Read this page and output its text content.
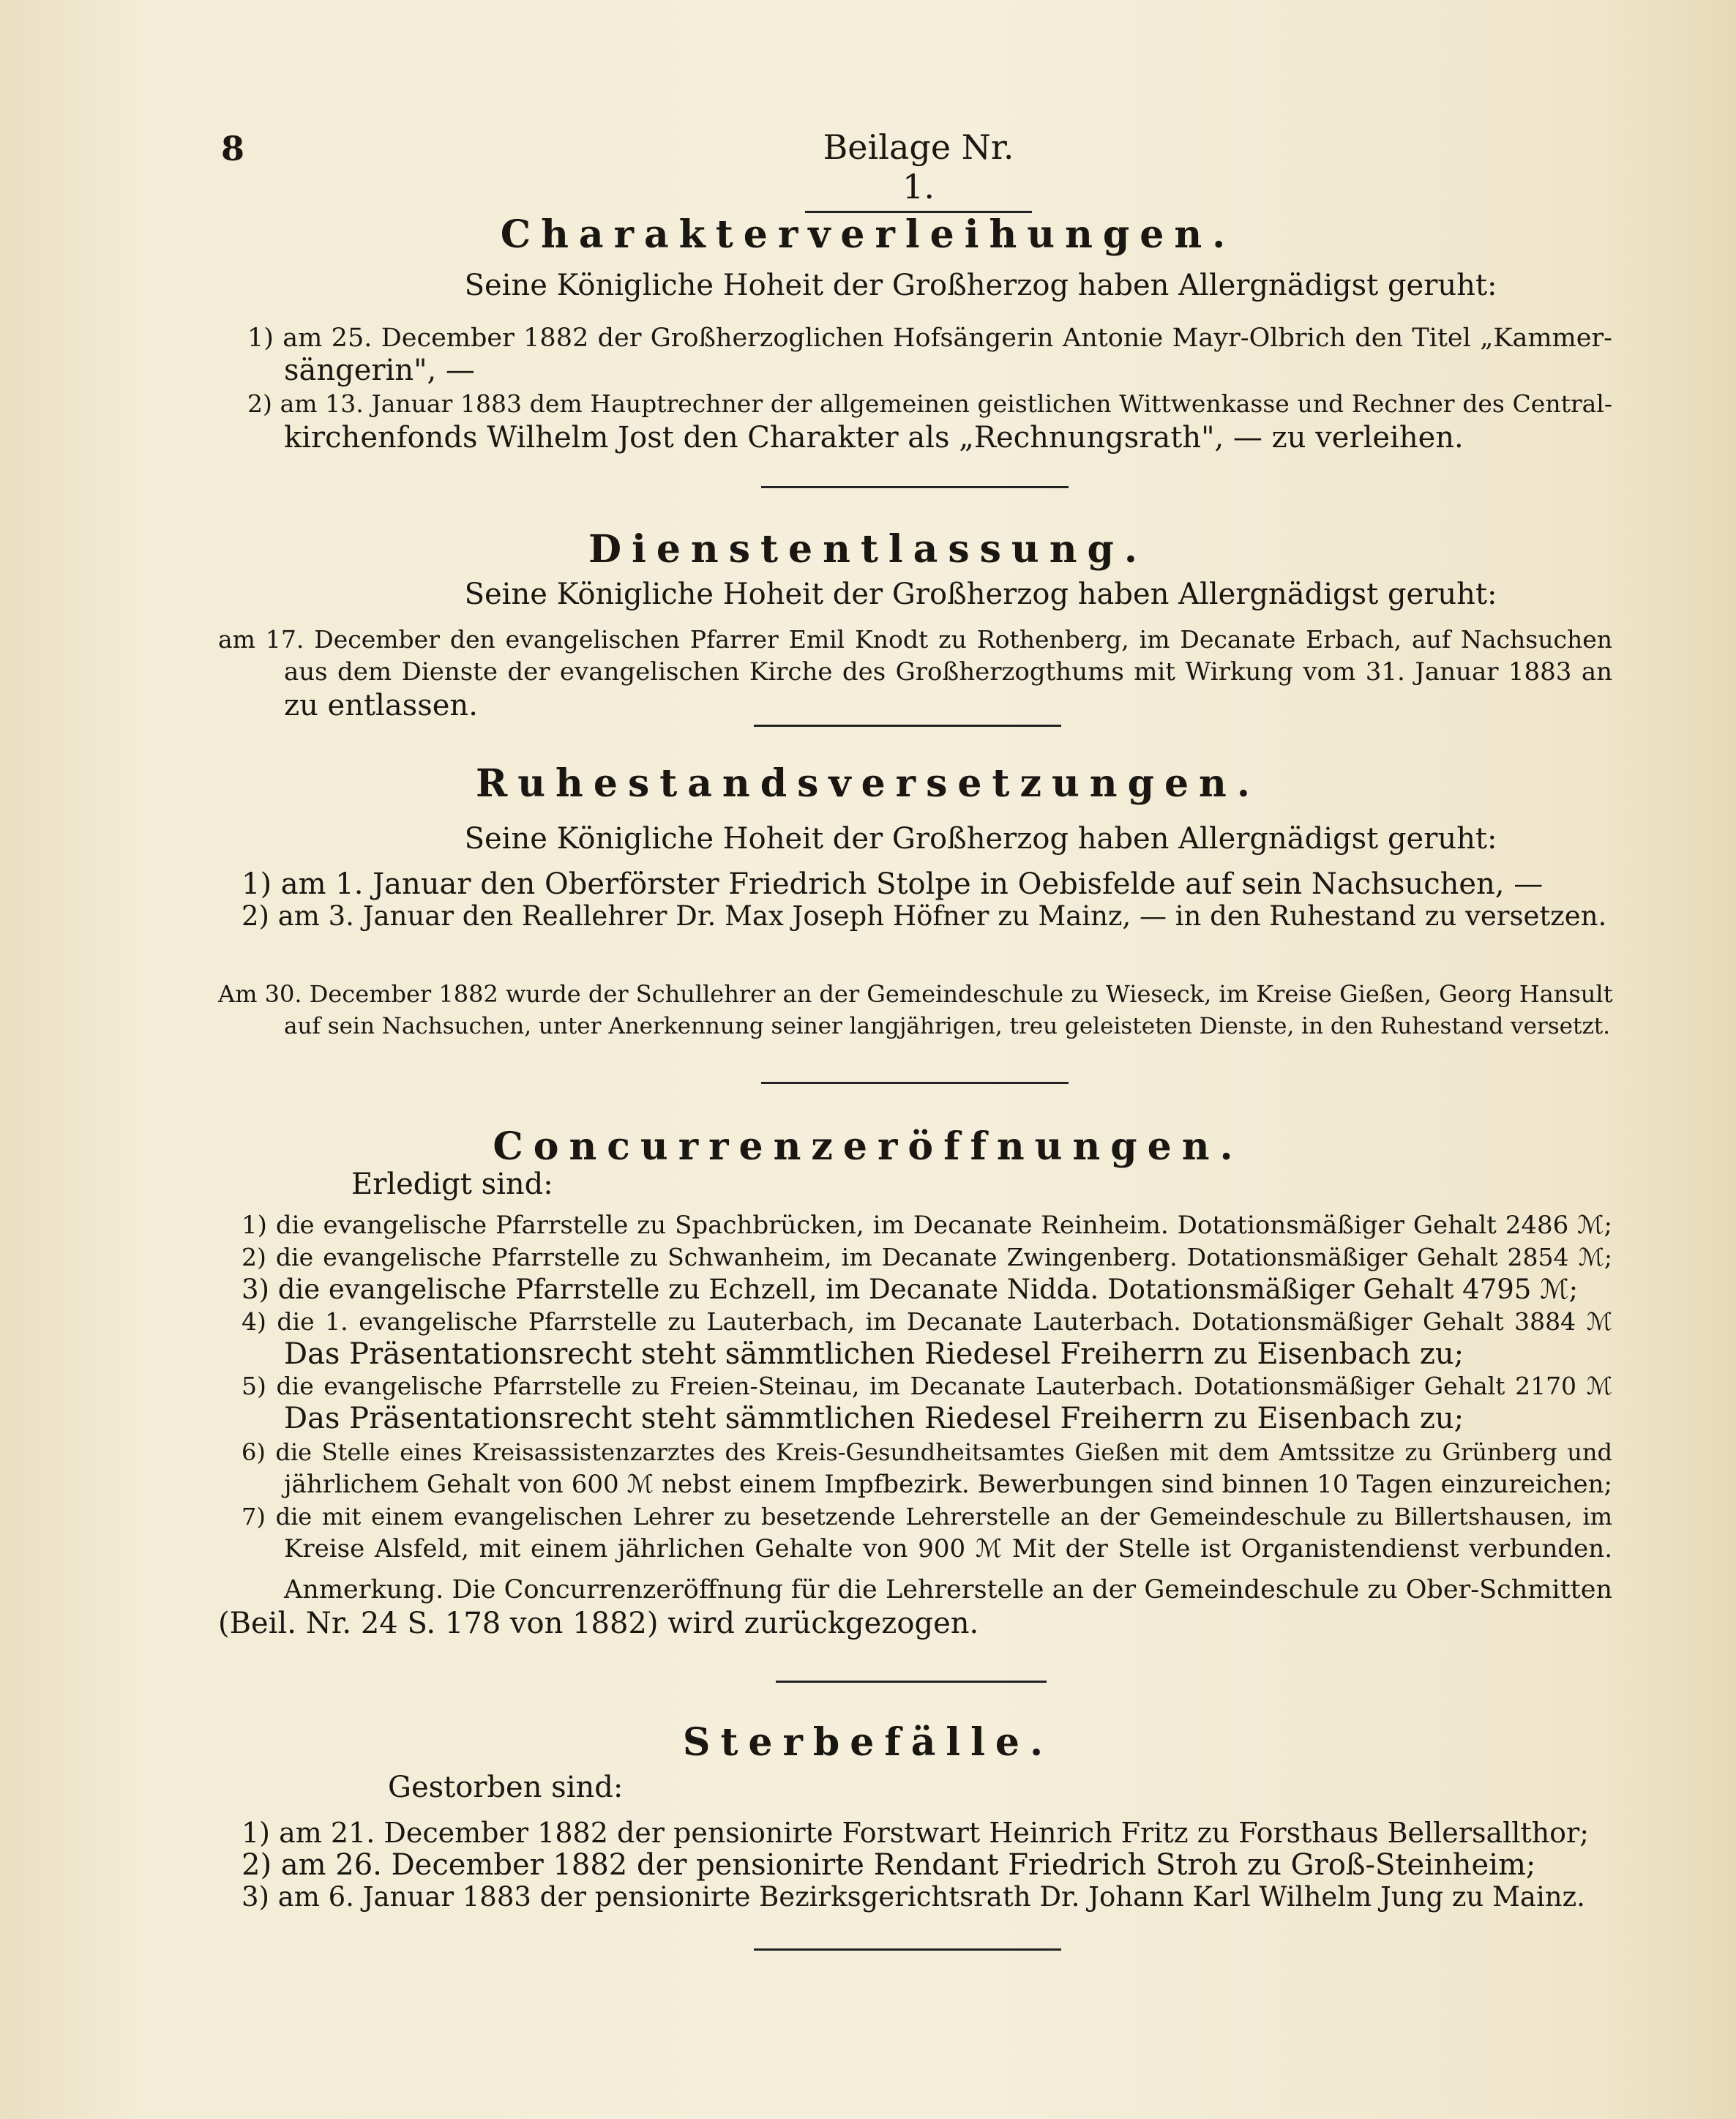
8	Beilage Nr. 1.
Charakterverleihungen.
Seine Königliche Hoheit der Großherzog haben Allergnädigst geruht:
1) am 25. December 1882 der Großherzoglichen Hofsängerin Antonie Mayr-Olbrich den Titel „Kammer-
sängerin", —
2) am 13. Januar 1883 dem Hauptrechner der allgemeinen geistlichen Wittwenkasse und Rechner des Central-
kirchenfonds Wilhelm Jost den Charakter als „Rechnungsrath", — zu verleihen.
Dienstentlassung.
Seine Königliche Hoheit der Großherzog haben Allergnädigst geruht:
am 17. December den evangelischen Pfarrer Emil Knodt zu Rothenberg, im Decanate Erbach, auf Nachsuchen
aus dem Dienste der evangelischen Kirche des Großherzogthums mit Wirkung vom 31. Januar 1883 an
zu entlassen.
Ruhestandsversetzungen.
Seine Königliche Hoheit der Großherzog haben Allergnädigst geruht:
1) am 1. Januar den Oberförster Friedrich Stolpe in Oebisfelde auf sein Nachsuchen, —
2) am 3. Januar den Reallehrer Dr. Max Joseph Höfner zu Mainz, — in den Ruhestand zu versetzen.
Am 30. December 1882 wurde der Schullehrer an der Gemeindeschule zu Wieseck, im Kreise Gießen, Georg Hansult
auf sein Nachsuchen, unter Anerkennung seiner langjährigen, treu geleisteten Dienste, in den Ruhestand versetzt.
Concurrenzeröffnungen.
Erledigt sind:
1) die evangelische Pfarrstelle zu Spachbrücken, im Decanate Reinheim. Dotationsmäßiger Gehalt 2486 ℳ;
2) die evangelische Pfarrstelle zu Schwanheim, im Decanate Zwingenberg. Dotationsmäßiger Gehalt 2854 ℳ;
3) die evangelische Pfarrstelle zu Echzell, im Decanate Nidda. Dotationsmäßiger Gehalt 4795 ℳ;
4) die 1. evangelische Pfarrstelle zu Lauterbach, im Decanate Lauterbach. Dotationsmäßiger Gehalt 3884 ℳ
Das Präsentationsrecht steht sämmtlichen Riedesel Freiherrn zu Eisenbach zu;
5) die evangelische Pfarrstelle zu Freien-Steinau, im Decanate Lauterbach. Dotationsmäßiger Gehalt 2170 ℳ
Das Präsentationsrecht steht sämmtlichen Riedesel Freiherrn zu Eisenbach zu;
6) die Stelle eines Kreisassistenzarztes des Kreis-Gesundheitsamtes Gießen mit dem Amtssitze zu Grünberg und
jährlichem Gehalt von 600 ℳ nebst einem Impfbezirk. Bewerbungen sind binnen 10 Tagen einzureichen;
7) die mit einem evangelischen Lehrer zu besetzende Lehrerstelle an der Gemeindeschule zu Billertshausen, im
Kreise Alsfeld, mit einem jährlichen Gehalte von 900 ℳ Mit der Stelle ist Organistendienst verbunden.
Anmerkung. Die Concurrenzeröffnung für die Lehrerstelle an der Gemeindeschule zu Ober-Schmitten
(Beil. Nr. 24 S. 178 von 1882) wird zurückgezogen.
Sterbefälle.
Gestorben sind:
1) am 21. December 1882 der pensionirte Forstwart Heinrich Fritz zu Forsthaus Bellersallthor;
2) am 26. December 1882 der pensionirte Rendant Friedrich Stroh zu Groß-Steinheim;
3) am 6. Januar 1883 der pensionirte Bezirksgerichtsrath Dr. Johann Karl Wilhelm Jung zu Mainz.
